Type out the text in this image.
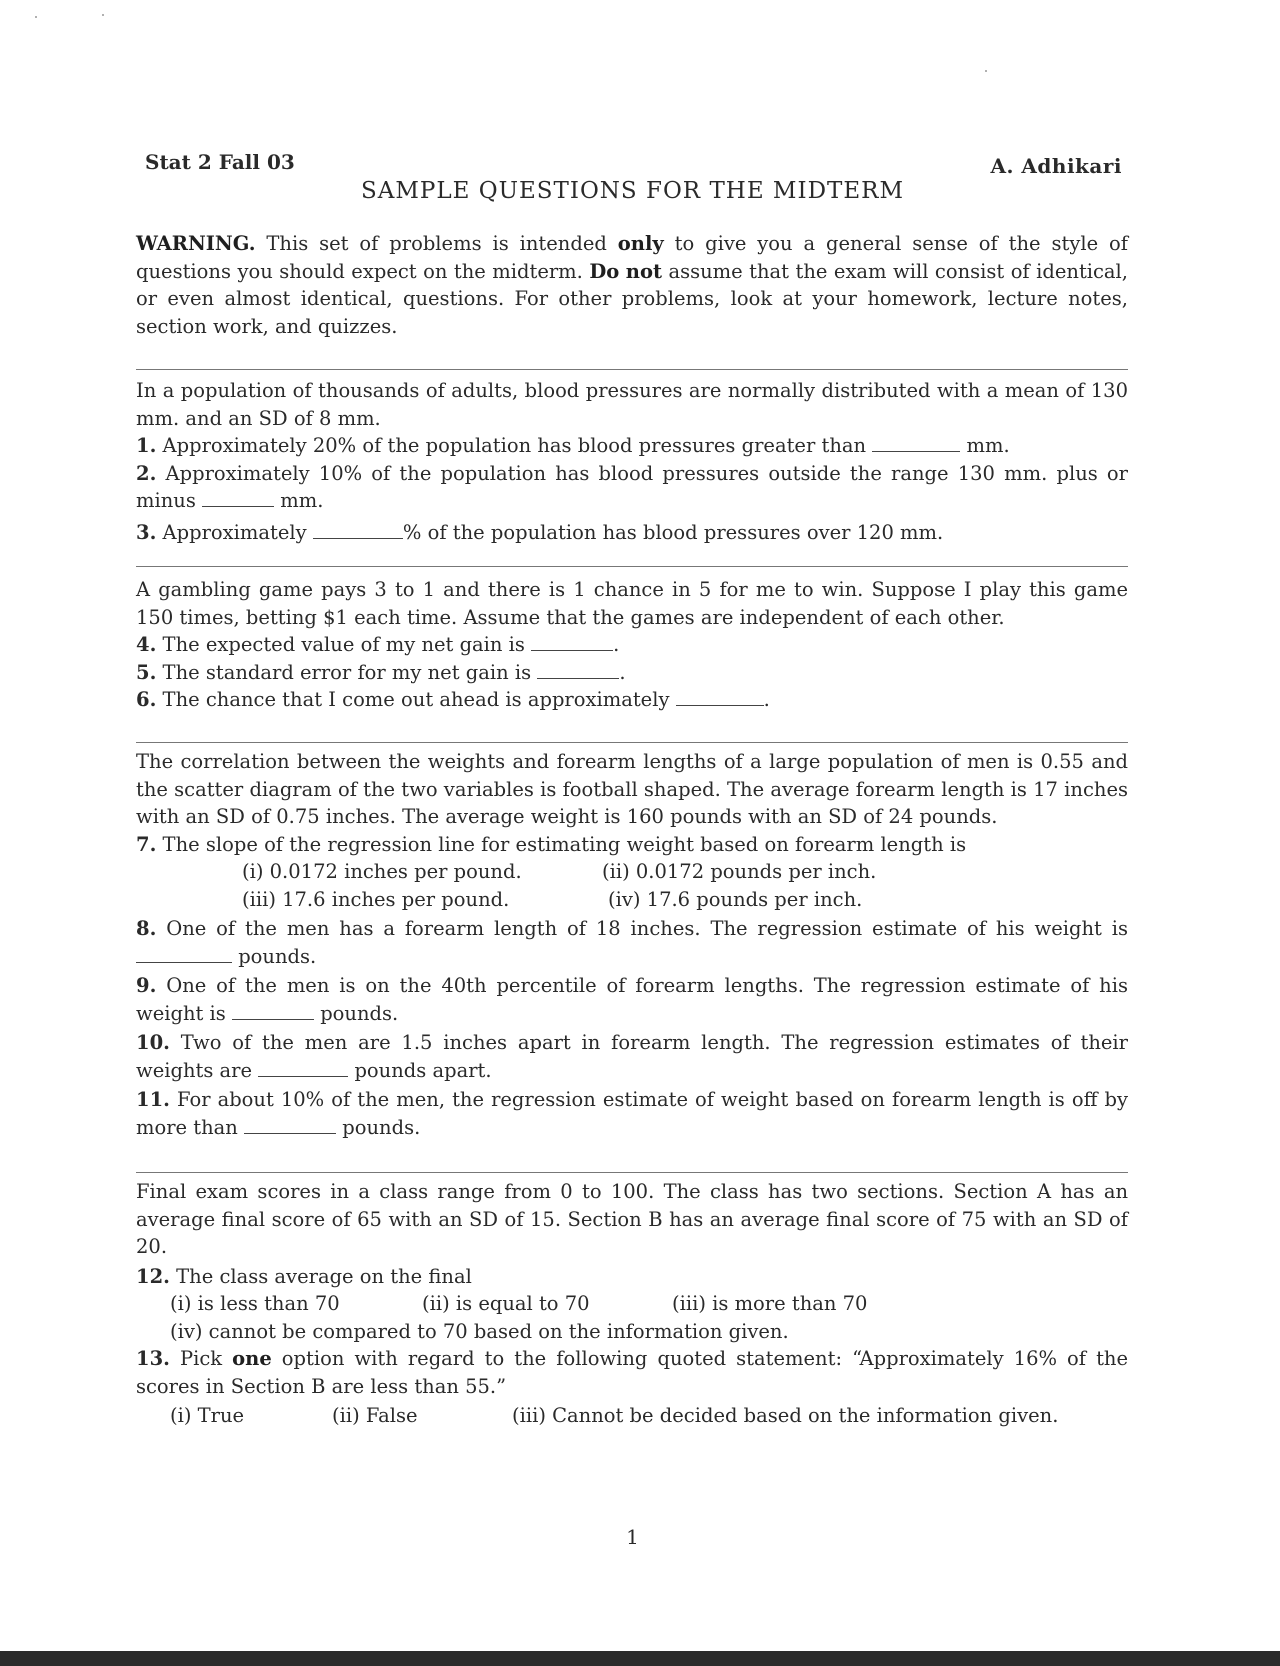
Stat 2 Fall 03	A. Adhikari
SAMPLE QUESTIONS FOR THE MIDTERM
WARNING. This set of problems is intended only to give you a general sense of the style of questions you should expect on the midterm. Do not assume that the exam will consist of identical, or even almost identical, questions. For other problems, look at your homework, lecture notes, section work, and quizzes.
In a population of thousands of adults, blood pressures are normally distributed with a mean of 130 mm. and an SD of 8 mm.
1. Approximately 20% of the population has blood pressures greater than	mm.
2. Approximately 10% of the population has blood pressures outside the range 130 mm. plus or minus	mm.
3. Approximately	% of the population has blood pressures over 120 mm.
A gambling game pays 3 to 1 and there is 1 chance in 5 for me to win. Suppose I play this game 150 times, betting $1 each time. Assume that the games are independent of each other.
4. The expected value of my net gain is	.
5. The standard error for my net gain is	.
6. The chance that I come out ahead is approximately	.
The correlation between the weights and forearm lengths of a large population of men is 0.55 and the scatter diagram of the two variables is football shaped. The average forearm length is 17 inches with an SD of 0.75 inches. The average weight is 160 pounds with an SD of 24 pounds.
7. The slope of the regression line for estimating weight based on forearm length is
(i) 0.0172 inches per pound.	(ii) 0.0172 pounds per inch.
(iii) 17.6 inches per pound.	(iv) 17.6 pounds per inch.
8. One of the men has a forearm length of 18 inches. The regression estimate of his weight is  pounds.
9. One of the men is on the 40th percentile of forearm lengths. The regression estimate of his weight is	pounds.
10. Two of the men are 1.5 inches apart in forearm length. The regression estimates of their weights are	pounds apart.
11. For about 10% of the men, the regression estimate of weight based on forearm length is off by more than	pounds.
Final exam scores in a class range from 0 to 100. The class has two sections. Section A has an average final score of 65 with an SD of 15. Section B has an average final score of 75 with an SD of 20.
12. The class average on the final
(i) is less than 70	(ii) is equal to 70	(iii) is more than 70
(iv) cannot be compared to 70 based on the information given.
13. Pick one option with regard to the following quoted statement: “Approximately 16% of the scores in Section B are less than 55.”
(i) True	(ii) False	(iii) Cannot be decided based on the information given.
1
